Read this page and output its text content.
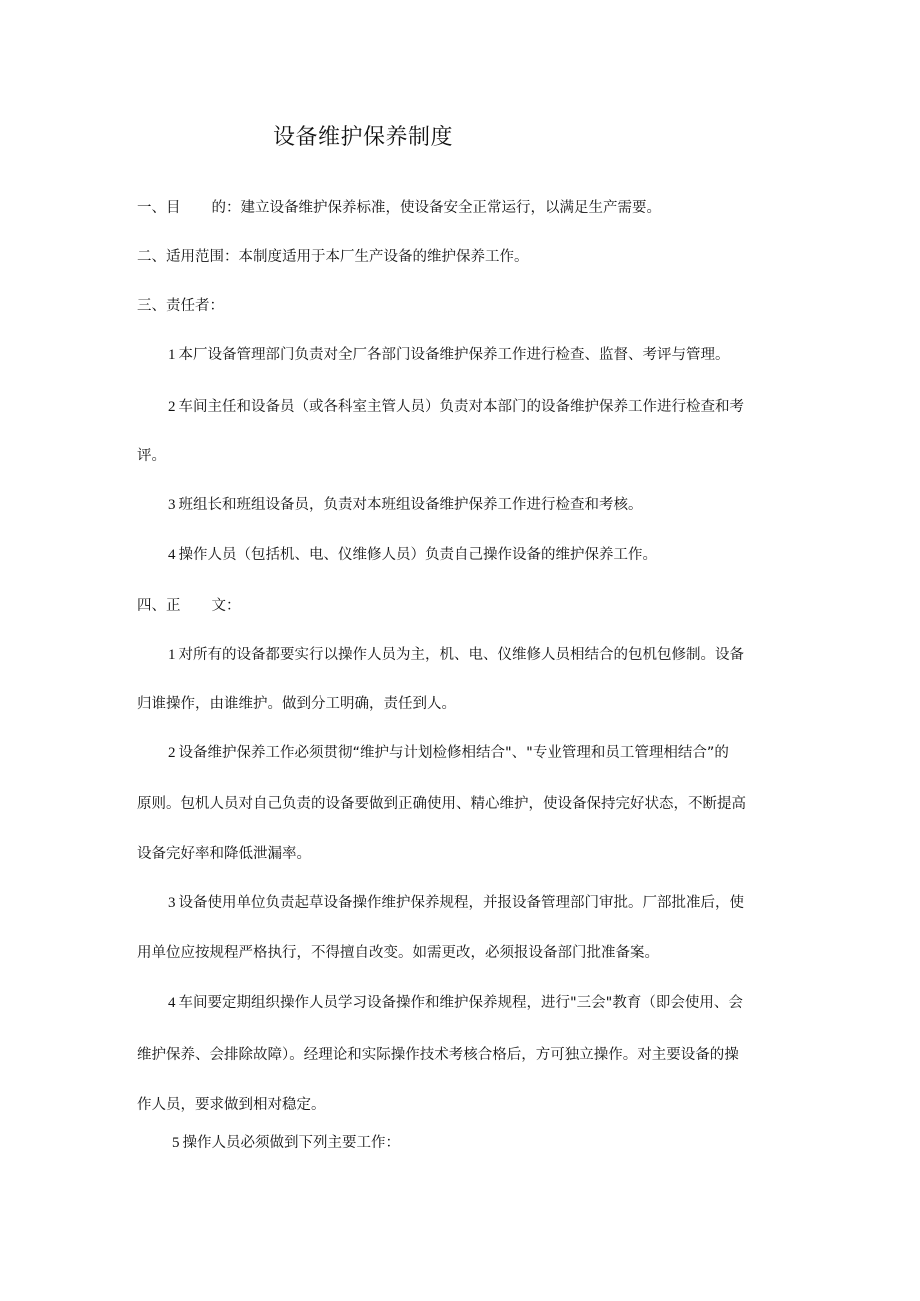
设备维护保养制度
一、目 的：建立设备维护保养标准，使设备安全正常运行，以满足生产需要。
二、适用范围：本制度适用于本厂生产设备的维护保养工作。
三、责任者：
1 本厂设备管理部门负责对全厂各部门设备维护保养工作进行检查、监督、考评与管理。
2 车间主任和设备员（或各科室主管人员）负责对本部门的设备维护保养工作进行检查和考
评。
3 班组长和班组设备员，负责对本班组设备维护保养工作进行检查和考核。
4 操作人员（包括机、电、仪维修人员）负责自己操作设备的维护保养工作。
四、正 文：
1 对所有的设备都要实行以操作人员为主，机、电、仪维修人员相结合的包机包修制。设备
归谁操作，由谁维护。做到分工明确，责任到人。
2 设备维护保养工作必须贯彻“维护与计划检修相结合"、"专业管理和员工管理相结合”的
原则。包机人员对自己负责的设备要做到正确使用、精心维护，使设备保持完好状态，不断提高
设备完好率和降低泄漏率。
3 设备使用单位负责起草设备操作维护保养规程，并报设备管理部门审批。厂部批准后，使
用单位应按规程严格执行，不得擅自改变。如需更改，必须报设备部门批准备案。
4 车间要定期组织操作人员学习设备操作和维护保养规程，进行"三会"教育（即会使用、会
维护保养、会排除故障）。经理论和实际操作技术考核合格后，方可独立操作。对主要设备的操
作人员，要求做到相对稳定。
5 操作人员必须做到下列主要工作：
